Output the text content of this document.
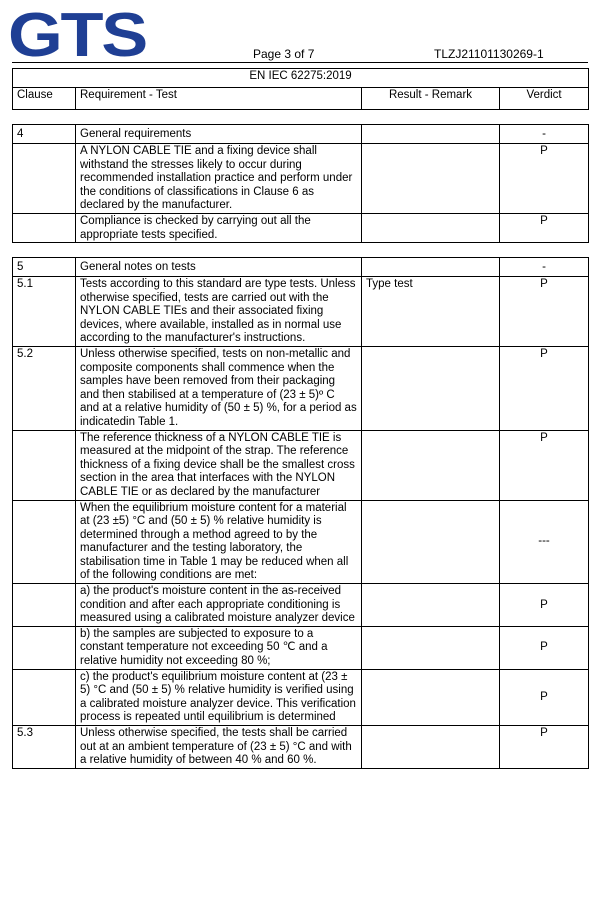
GTS	Page 3 of 7	TLZJ21101130269-1
EN IEC 62275:2019
Clause	Requirement - Test	Result - Remark	Verdict
4	General requirements		-
	A NYLON CABLE TIE and a fixing device shall withstand the stresses likely to occur during recommended installation practice and perform under the conditions of classifications in Clause 6 as declared by the manufacturer.		P
	Compliance is checked by carrying out all the appropriate tests specified.		P
5	General notes on tests		-
5.1	Tests according to this standard are type tests. Unless otherwise specified, tests are carried out with the NYLON CABLE TIEs and their associated fixing devices, where available, installed as in normal use according to the manufacturer's instructions.	Type test	P
5.2	Unless otherwise specified, tests on non-metallic and composite components shall commence when the samples have been removed from their packaging and then stabilised at a temperature of (23 ± 5)º C and at a relative humidity of (50 ± 5) %, for a period as indicatedin Table 1.		P
	The reference thickness of a NYLON CABLE TIE is measured at the midpoint of the strap. The reference thickness of a fixing device shall be the smallest cross section in the area that interfaces with the NYLON CABLE TIE or as declared by the manufacturer		P
	When the equilibrium moisture content for a material at (23 ±5) °C and (50 ± 5) % relative humidity is determined through a method agreed to by the manufacturer and the testing laboratory, the stabilisation time in Table 1 may be reduced when all of the following conditions are met:		---
	a) the product's moisture content in the as-received condition and after each appropriate conditioning is measured using a calibrated moisture analyzer device		P
	b) the samples are subjected to exposure to a constant temperature not exceeding 50 ℃ and a relative humidity not exceeding 80 %;		P
	c) the product's equilibrium moisture content at (23 ± 5) °C and (50 ± 5) % relative humidity is verified using a calibrated moisture analyzer device. This verification process is repeated until equilibrium is determined		P
5.3	Unless otherwise specified, the tests shall be carried out at an ambient temperature of (23 ± 5) °C and with a relative humidity of between 40 % and 60 %.		P
